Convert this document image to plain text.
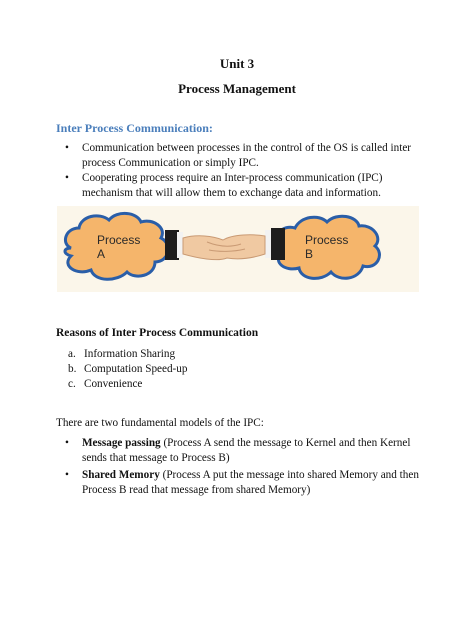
Unit 3
Process Management
Inter Process Communication:
• Communication between processes in the control of the OS is called inter process Communication or simply IPC.
• Cooperating process require an Inter-process communication (IPC) mechanism that will allow them to exchange data and information.
Process
A
Process
B
Reasons of Inter Process Communication
a. Information Sharing
b. Computation Speed-up
c. Convenience
There are two fundamental models of the IPC:
• Message passing (Process A send the message to Kernel and then Kernel sends that message to Process B)
• Shared Memory (Process A put the message into shared Memory and then Process B read that message from shared Memory)
